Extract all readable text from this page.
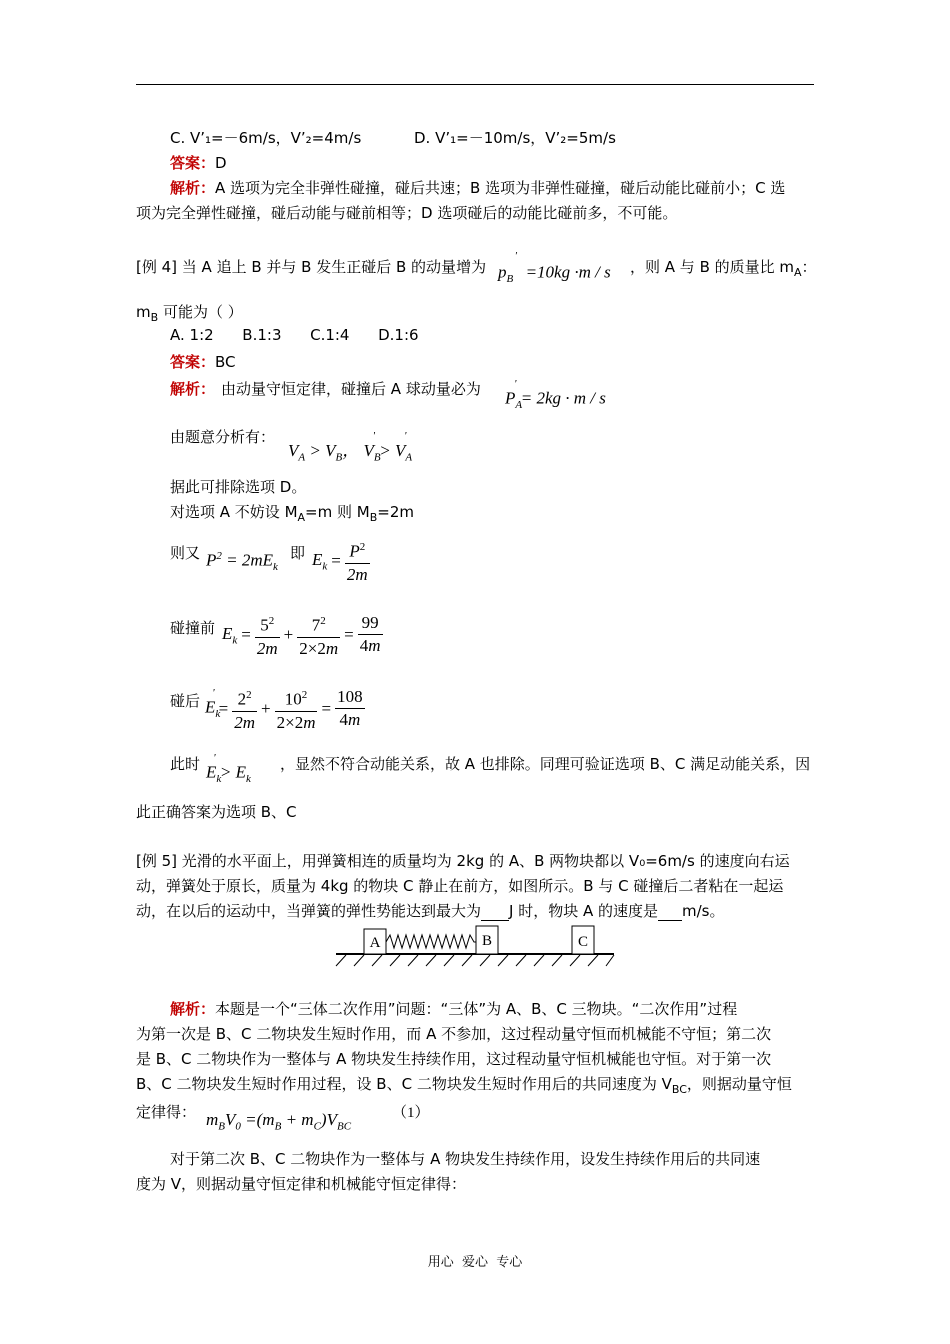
C. V’₁=－6m/s，V’₂=4m/s	D. V’₁=－10m/s，V’₂=5m/s
答案：D
解析：A 选项为完全非弹性碰撞，碰后共速；B 选项为非弹性碰撞，碰后动能比碰前小；C 选
项为完全弹性碰撞，碰后动能与碰前相等；D 选项碰后的动能比碰前多，不可能。
[例 4] 当 A 追上 B 并与 B 发生正碰后 B 的动量增为 $p_B$ ′  =10kg ·m / s ，则 A 与 B 的质量比 $m_A$：
$m_B$ 可能为（ ）
A. 1:2      B.1:3      C.1:4      D.1:6
答案：BC
解析： 由动量守恒定律，碰撞后 A 球动量必为 $P_A' = 2kg \cdot m / s$
由题意分析有：
$V_A > V_B$， $V_B' > V_A'$
据此可排除选项 D。
对选项 A 不妨设 $M_A=m$ 则 $M_B=2m$
则又 $P^2 = 2mE_k$
即 $E_k = \frac{P^2}{2m}$
碰撞前 $E_k = \frac{5^2}{2m} + \frac{7^2}{2\times 2m} = \frac{99}{4m}$
碰后 $E_k'$
= $\frac{2^2}{2m} + \frac{10^2}{2\times 2m} = \frac{108}{4m}$
此时 $E_k' > E_k$
，显然不符合动能关系，故 A 也排除。同理可验证选项 B、C 满足动能关系，因
此正确答案为选项 B、C
[例 5] 光滑的水平面上，用弹簧相连的质量均为 2kg 的 A、B 两物块都以 V₀=6m/s 的速度向右运
动，弹簧处于原长，质量为 4kg 的物块 C 静止在前方，如图所示。B 与 C 碰撞后二者粘在一起运
动，在以后的运动中，当弹簧的弹性势能达到最大为 J 时，物块 A 的速度是 m/s。
A	B	C
解析：本题是一个“三体二次作用”问题：“三体”为 A、B、C 三物块。“二次作用”过程
为第一次是 B、C 二物块发生短时作用，而 A 不参加，这过程动量守恒而机械能不守恒；第二次
是 B、C 二物块作为一整体与 A 物块发生持续作用，这过程动量守恒机械能也守恒。对于第一次
B、C 二物块发生短时作用过程，设 B、C 二物块发生短时作用后的共同速度为 $V_{BC}$，则据动量守恒
定律得： $m_BV_0 =(m_B + m_C)V_{BC}$
（1）
对于第二次 B、C 二物块作为一整体与 A 物块发生持续作用，设发生持续作用后的共同速
度为 V，则据动量守恒定律和机械能守恒定律得：
用心  爱心  专心
